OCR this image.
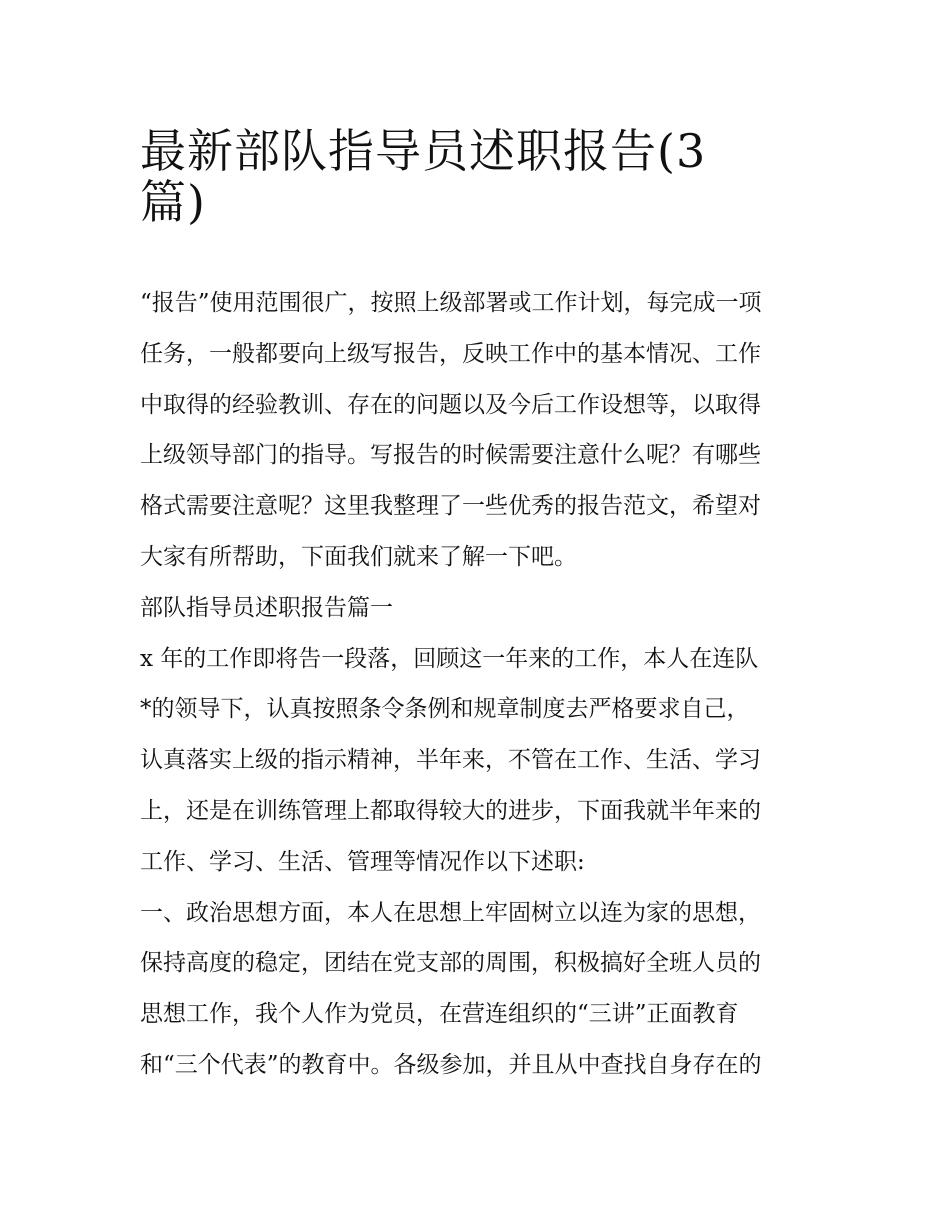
最新部队指导员述职报告(3
篇)
“报告”使用范围很广，按照上级部署或工作计划，每完成一项
任务，一般都要向上级写报告，反映工作中的基本情况、工作
中取得的经验教训、存在的问题以及今后工作设想等，以取得
上级领导部门的指导。写报告的时候需要注意什么呢？有哪些
格式需要注意呢？这里我整理了一些优秀的报告范文，希望对
大家有所帮助，下面我们就来了解一下吧。
部队指导员述职报告篇一
x 年的工作即将告一段落，回顾这一年来的工作，本人在连队
*的领导下，认真按照条令条例和规章制度去严格要求自己，
认真落实上级的指示精神，半年来，不管在工作、生活、学习
上，还是在训练管理上都取得较大的进步，下面我就半年来的
工作、学习、生活、管理等情况作以下述职:
一、政治思想方面，本人在思想上牢固树立以连为家的思想，
保持高度的稳定，团结在党支部的周围，积极搞好全班人员的
思想工作，我个人作为党员，在营连组织的“三讲”正面教育
和“三个代表”的教育中。各级参加，并且从中查找自身存在的
